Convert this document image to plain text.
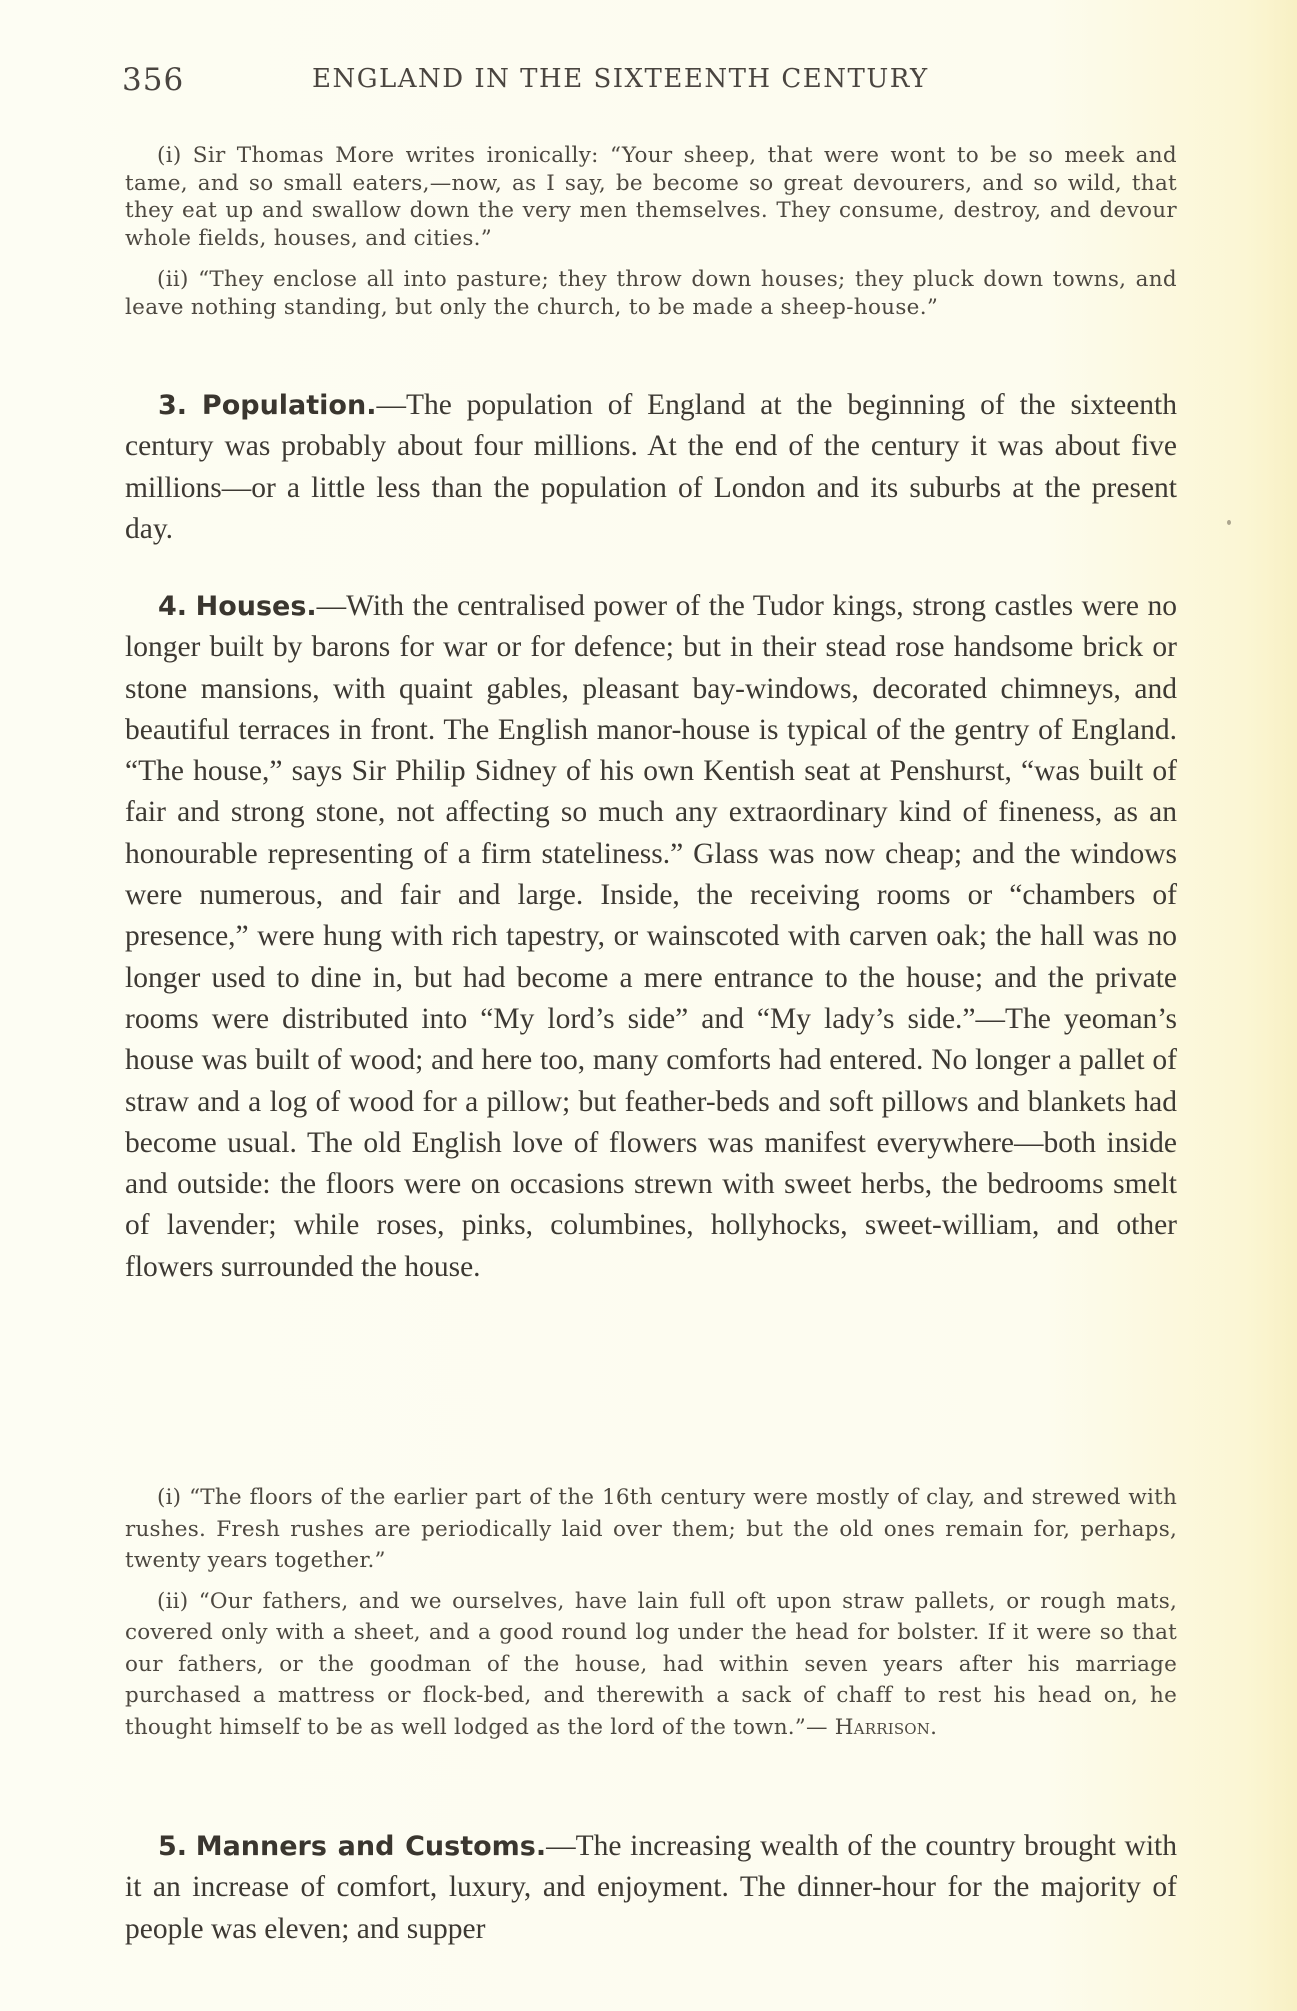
356	ENGLAND IN THE SIXTEENTH CENTURY

(i) Sir Thomas More writes ironically: “Your sheep, that were wont to be so meek and tame, and so small eaters,—now, as I say, be become so great devourers, and so wild, that they eat up and swallow down the very men themselves. They consume, destroy, and devour whole fields, houses, and cities.”

(ii) “They enclose all into pasture; they throw down houses; they pluck down towns, and leave nothing standing, but only the church, to be made a sheep-house.”

3. Population.—The population of England at the beginning of the sixteenth century was probably about four millions. At the end of the century it was about five millions—or a little less than the population of London and its suburbs at the present day.

4. Houses.—With the centralised power of the Tudor kings, strong castles were no longer built by barons for war or for defence; but in their stead rose handsome brick or stone mansions, with quaint gables, pleasant bay-windows, decorated chimneys, and beautiful terraces in front. The English manor-house is typical of the gentry of England. “The house,” says Sir Philip Sidney of his own Kentish seat at Penshurst, “was built of fair and strong stone, not affecting so much any extraordinary kind of fineness, as an honourable representing of a firm stateliness.” Glass was now cheap; and the windows were numerous, and fair and large. Inside, the receiving rooms or “chambers of presence,” were hung with rich tapestry, or wainscoted with carven oak; the hall was no longer used to dine in, but had become a mere entrance to the house; and the private rooms were distributed into “My lord’s side” and “My lady’s side.”—The yeoman’s house was built of wood; and here too, many comforts had entered. No longer a pallet of straw and a log of wood for a pillow; but feather-beds and soft pillows and blankets had become usual. The old English love of flowers was manifest everywhere—both inside and outside: the floors were on occasions strewn with sweet herbs, the bedrooms smelt of lavender; while roses, pinks, columbines, hollyhocks, sweet-william, and other flowers surrounded the house.

(i) “The floors of the earlier part of the 16th century were mostly of clay, and strewed with rushes. Fresh rushes are periodically laid over them; but the old ones remain for, perhaps, twenty years together.”

(ii) “Our fathers, and we ourselves, have lain full oft upon straw pallets, or rough mats, covered only with a sheet, and a good round log under the head for bolster. If it were so that our fathers, or the goodman of the house, had within seven years after his marriage purchased a mattress or flock-bed, and therewith a sack of chaff to rest his head on, he thought himself to be as well lodged as the lord of the town.”— Harrison.

5. Manners and Customs.—The increasing wealth of the country brought with it an increase of comfort, luxury, and enjoyment. The dinner-hour for the majority of people was eleven; and supper
